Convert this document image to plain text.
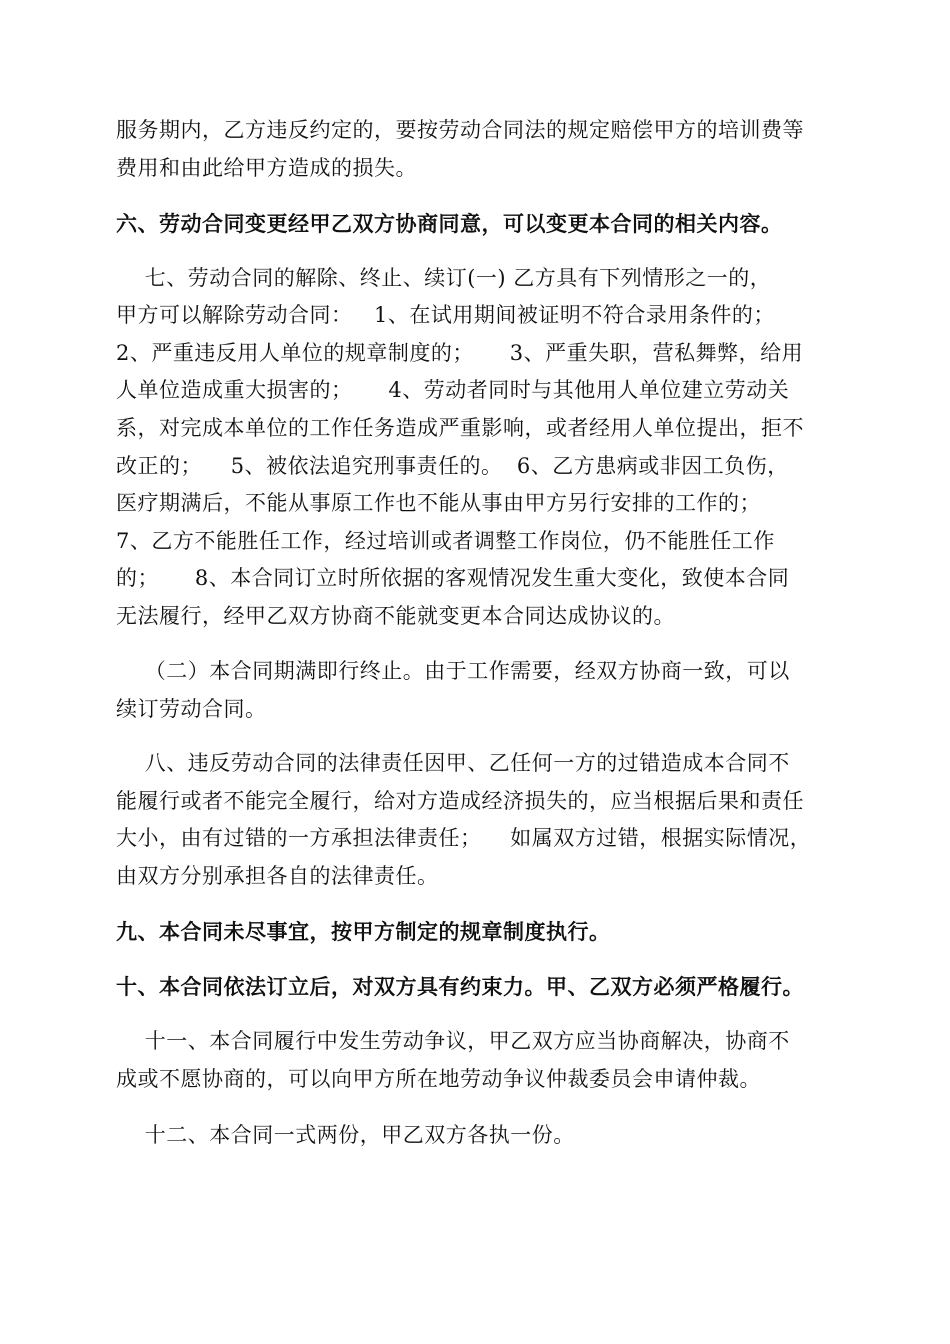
服务期内，乙方违反约定的，要按劳动合同法的规定赔偿甲方的培训费等
费用和由此给甲方造成的损失。
六、劳动合同变更经甲乙双方协商同意，可以变更本合同的相关内容。
七、劳动合同的解除、终止、续订(一) 乙方具有下列情形之一的，
甲方可以解除劳动合同：   1、在试用期间被证明不符合录用条件的；
2、严重违反用人单位的规章制度的；     3、严重失职，营私舞弊，给用
人单位造成重大损害的；     4、劳动者同时与其他用人单位建立劳动关
系，对完成本单位的工作任务造成严重影响，或者经用人单位提出，拒不
改正的；    5、被依法追究刑事责任的。  6、乙方患病或非因工负伤，
医疗期满后，不能从事原工作也不能从事由甲方另行安排的工作的；
7、乙方不能胜任工作，经过培训或者调整工作岗位，仍不能胜任工作
的；     8、本合同订立时所依据的客观情况发生重大变化，致使本合同
无法履行，经甲乙双方协商不能就变更本合同达成协议的。
（二）本合同期满即行终止。由于工作需要，经双方协商一致，可以
续订劳动合同。
八、违反劳动合同的法律责任因甲、乙任何一方的过错造成本合同不
能履行或者不能完全履行，给对方造成经济损失的，应当根据后果和责任
大小，由有过错的一方承担法律责任；    如属双方过错，根据实际情况，
由双方分别承担各自的法律责任。
九、本合同未尽事宜，按甲方制定的规章制度执行。
十、本合同依法订立后，对双方具有约束力。甲、乙双方必须严格履行。
十一、本合同履行中发生劳动争议，甲乙双方应当协商解决，协商不
成或不愿协商的，可以向甲方所在地劳动争议仲裁委员会申请仲裁。
十二、本合同一式两份，甲乙双方各执一份。
